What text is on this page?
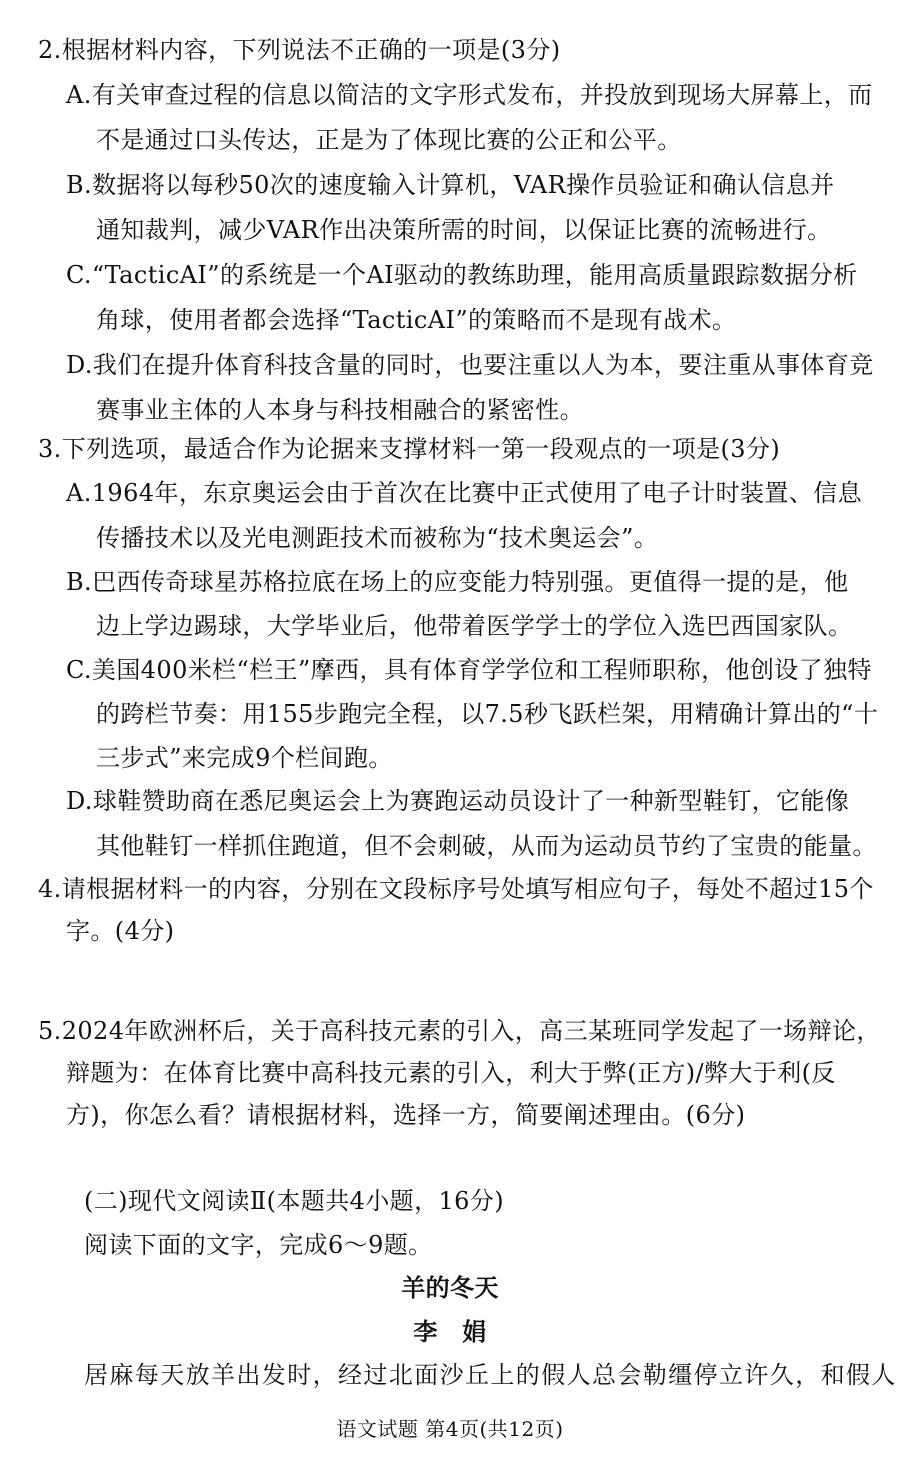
2.根据材料内容，下列说法不正确的一项是(3分)
A.有关审查过程的信息以简洁的文字形式发布，并投放到现场大屏幕上，而
不是通过口头传达，正是为了体现比赛的公正和公平。
B.数据将以每秒50次的速度输入计算机，VAR操作员验证和确认信息并
通知裁判，减少VAR作出决策所需的时间，以保证比赛的流畅进行。
C.“TacticAI”的系统是一个AI驱动的教练助理，能用高质量跟踪数据分析
角球，使用者都会选择“TacticAI”的策略而不是现有战术。
D.我们在提升体育科技含量的同时，也要注重以人为本，要注重从事体育竞
赛事业主体的人本身与科技相融合的紧密性。
3.下列选项，最适合作为论据来支撑材料一第一段观点的一项是(3分)
A.1964年，东京奥运会由于首次在比赛中正式使用了电子计时装置、信息
传播技术以及光电测距技术而被称为“技术奥运会”。
B.巴西传奇球星苏格拉底在场上的应变能力特别强。更值得一提的是，他
边上学边踢球，大学毕业后，他带着医学学士的学位入选巴西国家队。
C.美国400米栏“栏王”摩西，具有体育学学位和工程师职称，他创设了独特
的跨栏节奏：用155步跑完全程，以7.5秒飞跃栏架，用精确计算出的“十
三步式”来完成9个栏间跑。
D.球鞋赞助商在悉尼奥运会上为赛跑运动员设计了一种新型鞋钉，它能像
其他鞋钉一样抓住跑道，但不会刺破，从而为运动员节约了宝贵的能量。
4.请根据材料一的内容，分别在文段标序号处填写相应句子，每处不超过15个
字。(4分)
5.2024年欧洲杯后，关于高科技元素的引入，高三某班同学发起了一场辩论，
辩题为：在体育比赛中高科技元素的引入，利大于弊(正方)/弊大于利(反
方)，你怎么看？请根据材料，选择一方，简要阐述理由。(6分)
(二)现代文阅读Ⅱ(本题共4小题，16分)
阅读下面的文字，完成6～9题。
羊的冬天
李　娟
居麻每天放羊出发时，经过北面沙丘上的假人总会勒缰停立许久，和假人
语文试题 第4页(共12页)
